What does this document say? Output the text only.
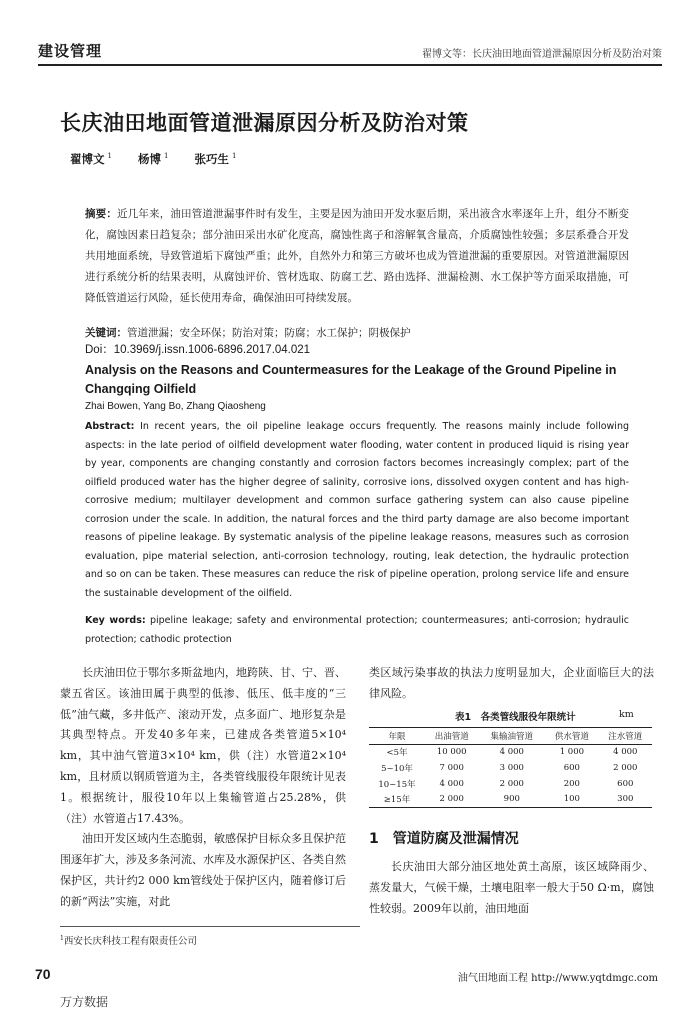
建设管理	翟博文等：长庆油田地面管道泄漏原因分析及防治对策
长庆油田地面管道泄漏原因分析及防治对策
翟博文 $^1$ 杨博 $^1$ 张巧生 $^1$
摘要：近几年来，油田管道泄漏事件时有发生，主要是因为油田开发水驱后期，采出液含水率逐年上升，组分不断变化，腐蚀因素日趋复杂；部分油田采出水矿化度高，腐蚀性离子和溶解氧含量高，介质腐蚀性较强；多层系叠合开发共用地面系统，导致管道垢下腐蚀严重；此外，自然外力和第三方破坏也成为管道泄漏的重要原因。对管道泄漏原因进行系统分析的结果表明，从腐蚀评价、管材选取、防腐工艺、路由选择、泄漏检测、水工保护等方面采取措施，可降低管道运行风险，延长使用寿命，确保油田可持续发展。
关键词：管道泄漏；安全环保；防治对策；防腐；水工保护；阴极保护
Doi：10.3969/j.issn.1006-6896.2017.04.021
Analysis on the Reasons and Countermeasures for the Leakage of the Ground Pipeline in Changqing Oilfield
Zhai Bowen, Yang Bo, Zhang Qiaosheng
Abstract: In recent years, the oil pipeline leakage occurs frequently. The reasons mainly include following aspects: in the late period of oilfield development water flooding, water content in produced liquid is rising year by year, components are changing constantly and corrosion factors becomes increasingly complex; part of the oilfield produced water has the higher degree of salinity, corrosive ions, dissolved oxygen content and has high-corrosive medium; multilayer development and common surface gathering system can also cause pipeline corrosion under the scale. In addition, the natural forces and the third party damage are also become important reasons of pipeline leakage. By systematic analysis of the pipeline leakage reasons, measures such as corrosion evaluation, pipe material selection, anti-corrosion technology, routing, leak detection, the hydraulic protection and so on can be taken. These measures can reduce the risk of pipeline operation, prolong service life and ensure the sustainable development of the oilfield.
Key words: pipeline leakage; safety and environmental protection; countermeasures; anti-corrosion; hydraulic protection; cathodic protection

长庆油田位于鄂尔多斯盆地内，地跨陕、甘、宁、晋、蒙五省区。该油田属于典型的低渗、低压、低丰度的“三低”油气藏，多井低产、滚动开发，点多面广、地形复杂是其典型特点。开发40多年来，已建成各类管道5×10⁴ km，其中油气管道3×10⁴ km，供（注）水管道2×10⁴ km，且材质以钢质管道为主，各类管线服役年限统计见表1。根据统计，服役10年以上集输管道占25.28%，供（注）水管道占17.43%。

油田开发区域内生态脆弱，敏感保护目标众多且保护范围逐年扩大，涉及多条河流、水库及水源保护区、各类自然保护区，共计约2 000 km管线处于保护区内，随着修订后的新“两法”实施，对此

类区域污染事故的执法力度明显加大，企业面临巨大的法律风险。

表1　 各类管线服役年限统计	km
年限	出油管道	集输油管道	供水管道	注水管道
<5年	10 000	4 000	1 000	4 000
5~10年	7 000	3 000	600	2 000
10~15年	4 000	2 000	200	600
≥15年	2 000	900	100	300
1　管道防腐及泄漏情况

长庆油田大部分油区地处黄土高原，该区域降雨少、蒸发量大，气候干燥，土壤电阻率一般大于50 Ω·m，腐蚀性较弱。2009年以前，油田地面

$^1$西安长庆科技工程有限责任公司
70	油气田地面工程 http://www.yqtdmgc.com
万方数据
